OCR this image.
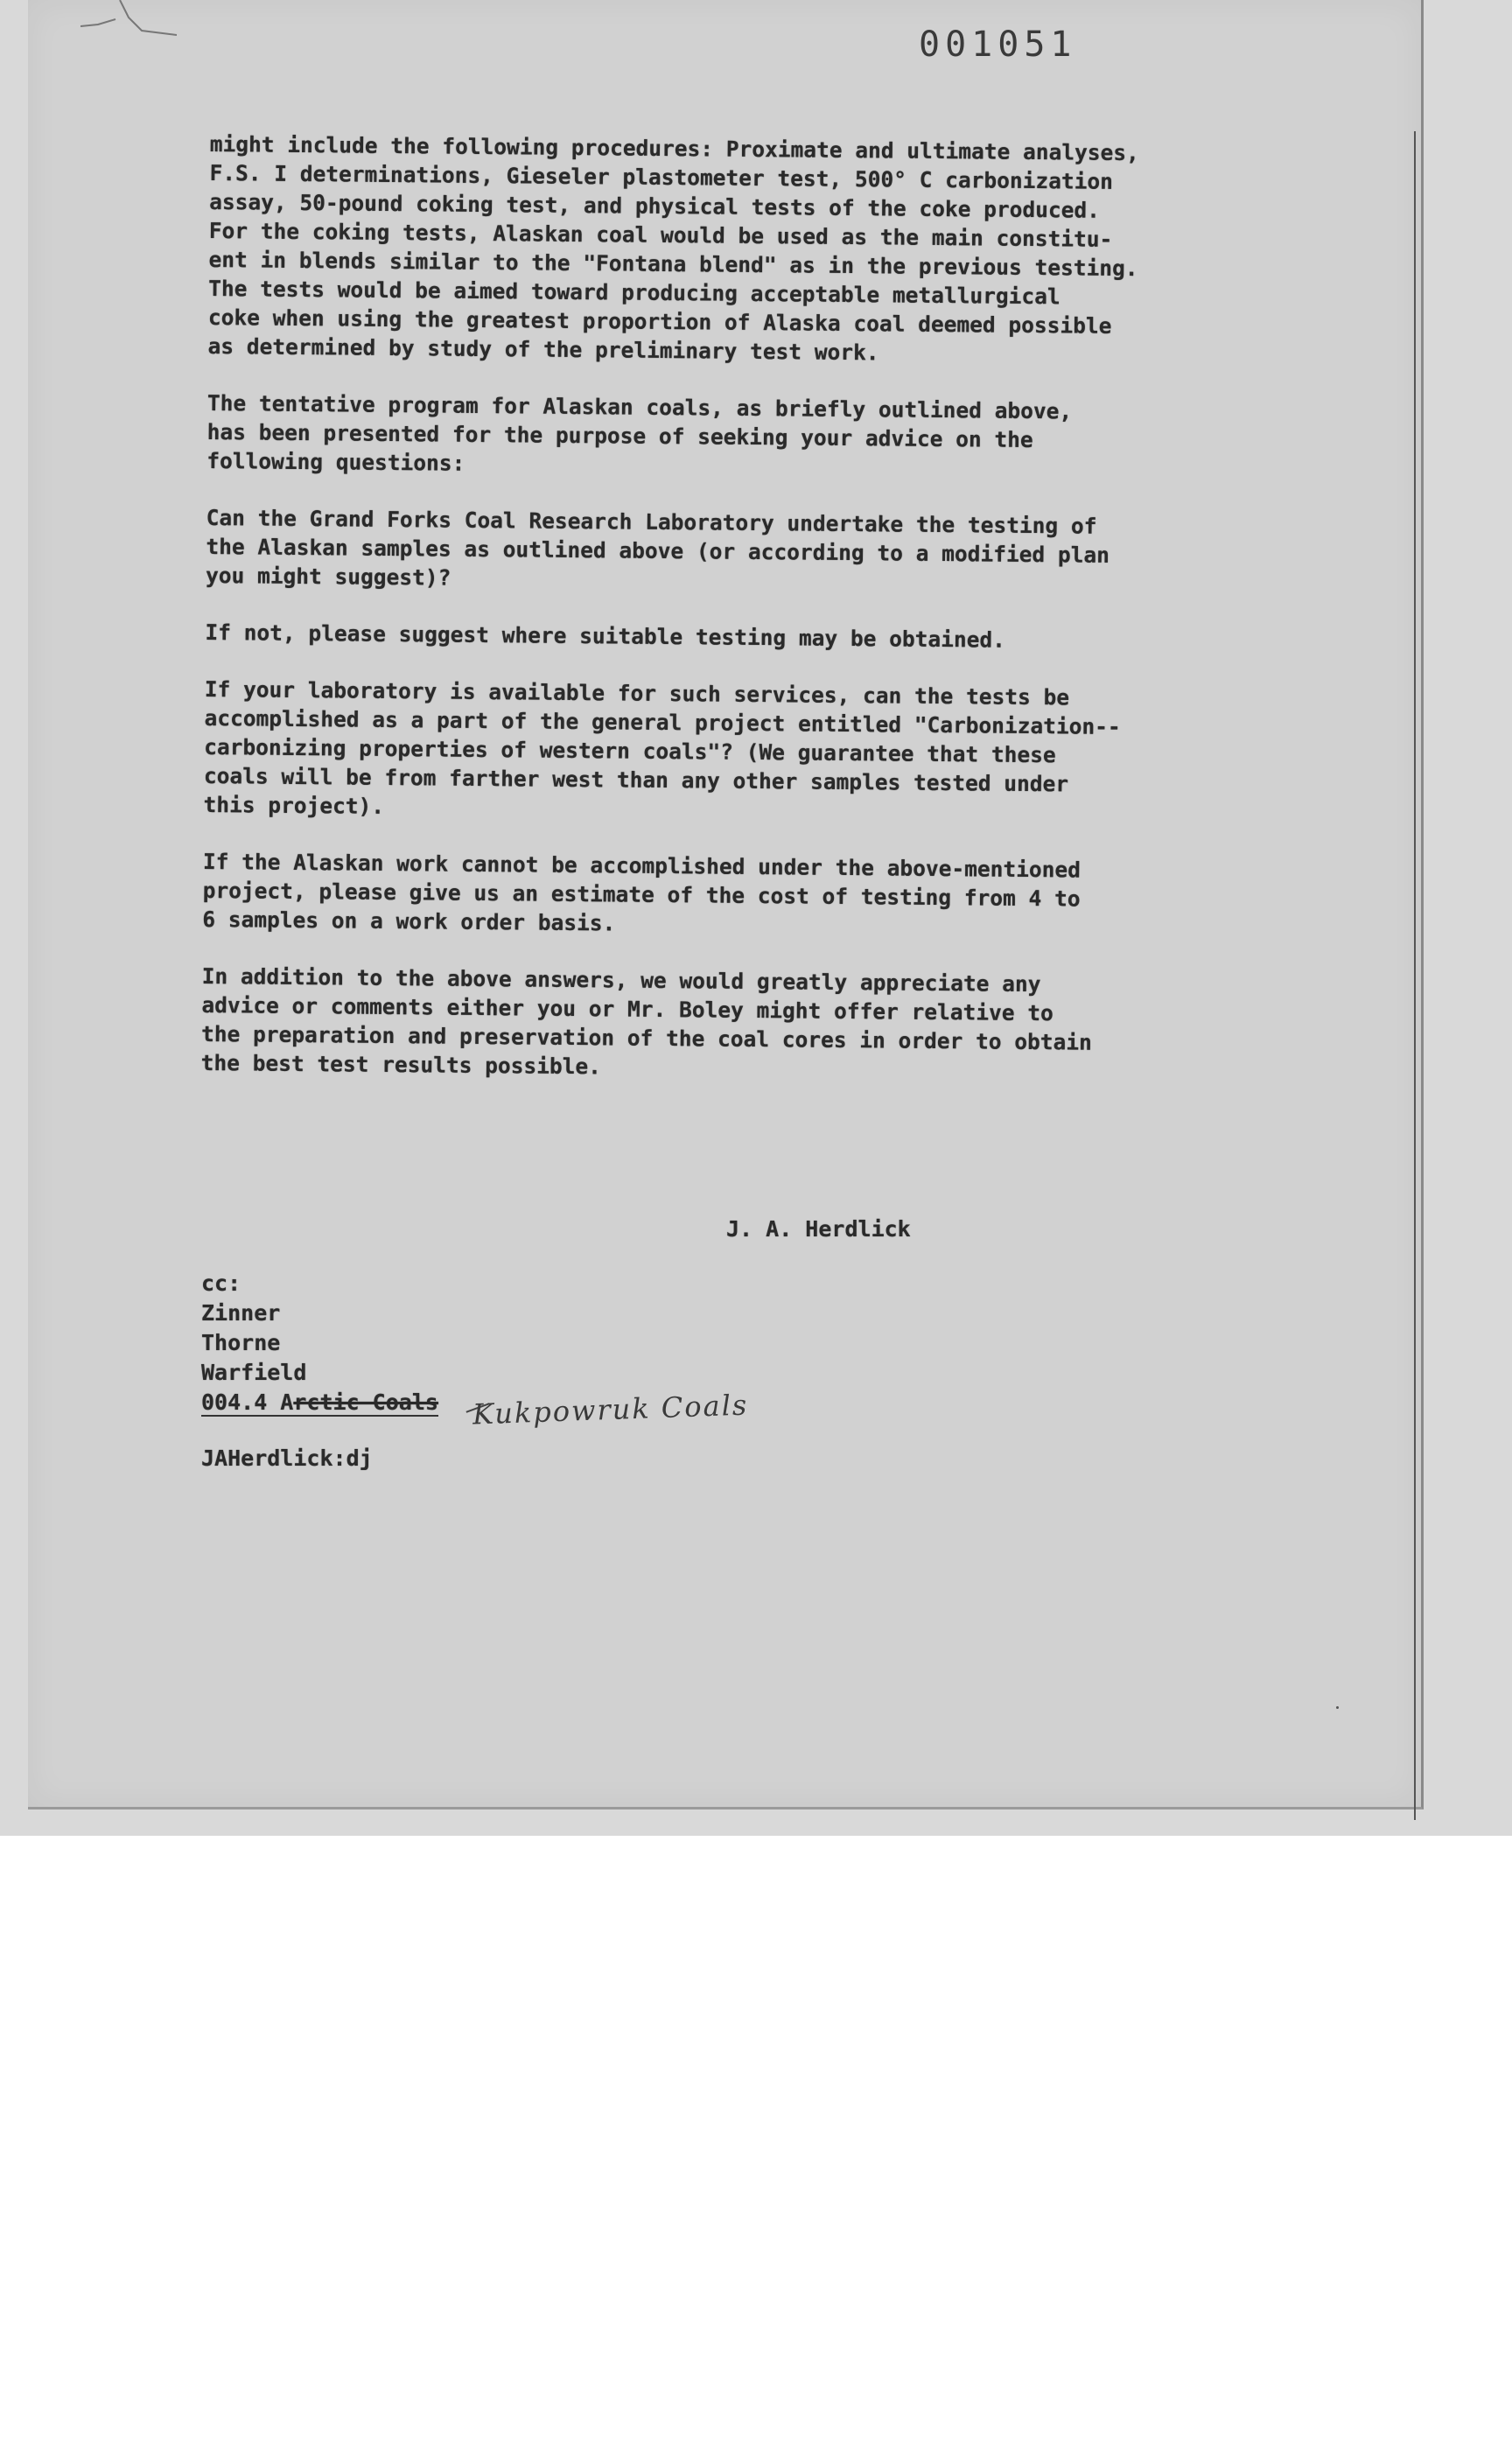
001051

might include the following procedures: Proximate and ultimate analyses,
F.S. I determinations, Gieseler plastometer test, 500° C carbonization
assay, 50-pound coking test, and physical tests of the coke produced.
For the coking tests, Alaskan coal would be used as the main constitu-
ent in blends similar to the "Fontana blend" as in the previous testing.
The tests would be aimed toward producing acceptable metallurgical
coke when using the greatest proportion of Alaska coal deemed possible
as determined by study of the preliminary test work.

The tentative program for Alaskan coals, as briefly outlined above,
has been presented for the purpose of seeking your advice on the
following questions:

Can the Grand Forks Coal Research Laboratory undertake the testing of
the Alaskan samples as outlined above (or according to a modified plan
you might suggest)?

If not, please suggest where suitable testing may be obtained.

If your laboratory is available for such services, can the tests be
accomplished as a part of the general project entitled "Carbonization--
carbonizing properties of western coals"? (We guarantee that these
coals will be from farther west than any other samples tested under
this project).

If the Alaskan work cannot be accomplished under the above-mentioned
project, please give us an estimate of the cost of testing from 4 to
6 samples on a work order basis.

In addition to the above answers, we would greatly appreciate any
advice or comments either you or Mr. Boley might offer relative to
the preparation and preservation of the coal cores in order to obtain
the best test results possible.

J. A. Herdlick
cc:
Zinner
Thorne
Warfield
004.4 Arctic Coals Kukpowruk Coals
JAHerdlick:dj
